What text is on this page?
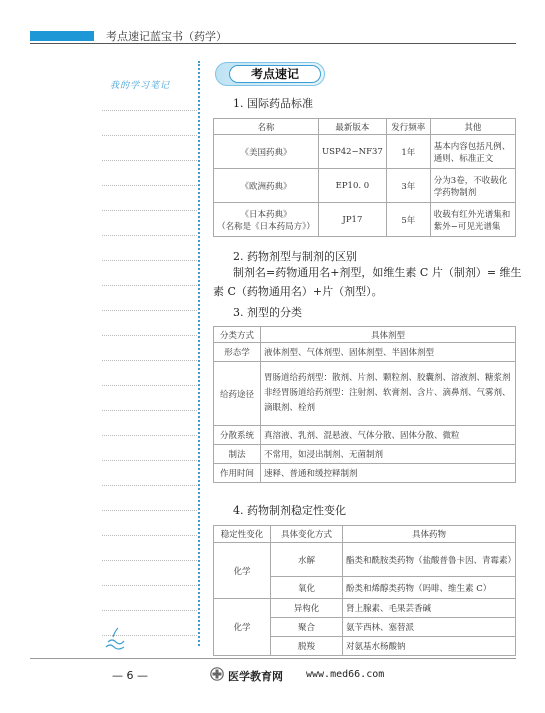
考点速记蓝宝书（药学）
我的学习笔记
考点速记
1. 国际药品标准
名称	最新版本	发行频率	其他
《美国药典》	USP42−NF37	1年	基本内容包括凡例、通则、标准正文
《欧洲药典》	EP10. 0	3年	分为3卷，不收载化学药物制剂

《日本药典》
（名称是《日本药局方》）	JP17	5年	收载有红外光谱集和紫外−可见光谱集
2. 药物剂型与制剂的区别
制剂名=药物通用名+剂型，如维生素 C 片（制剂）= 维生
素 C（药物通用名）+片（剂型）。
3. 剂型的分类
分类方式	具体剂型
形态学	液体剂型、气体剂型、固体剂型、半固体剂型
给药途径	胃肠道给药剂型：散剂、片剂、颗粒剂、胶囊剂、溶液剂、糖浆剂
非经胃肠道给药剂型：注射剂、软膏剂、含片、滴鼻剂、气雾剂、滴眼剂、栓剂

分散系统	真溶液、乳剂、混悬液、气体分散、固体分散、微粒
制法	不常用，如浸出制剂、无菌制剂
作用时间	速释、普通和缓控释制剂
4. 药物制剂稳定性变化
稳定性变化	具体变化方式	具体药物
化学	水解	酯类和酰胺类药物（盐酸普鲁卡因、青霉素）
	氧化	酚类和烯醇类药物（吗啡、维生素 C）
化学	异构化	肾上腺素、毛果芸香碱
	聚合	氨苄西林、塞替派
	脱羧	对氨基水杨酸钠
— 6 —	医学教育网 www.med66.com
